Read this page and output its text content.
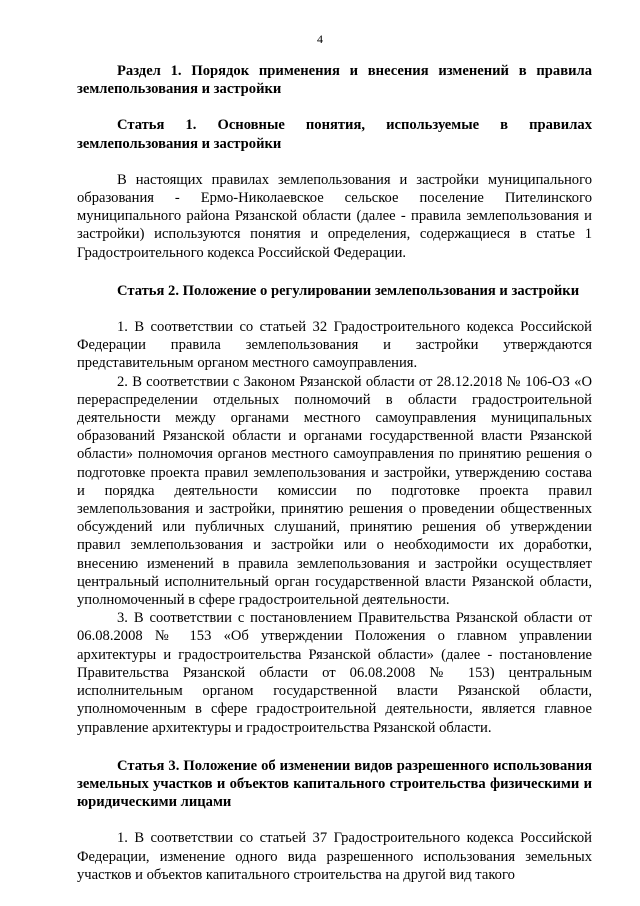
4

Раздел 1. Порядок применения и внесения изменений в правила землепользования и застройки

Статья 1. Основные понятия, используемые в правилах землепользования и застройки

В настоящих правилах землепользования и застройки муниципального образования - Ермо-Николаевское сельское поселение Пителинского муниципального района Рязанской области (далее - правила землепользования и застройки) используются понятия и определения, содержащиеся в статье 1 Градостроительного кодекса Российской Федерации.

Статья 2. Положение о регулировании землепользования и застройки

1. В соответствии со статьей 32 Градостроительного кодекса Российской Федерации правила землепользования и застройки утверждаются представительным органом местного самоуправления.

2. В соответствии с Законом Рязанской области от 28.12.2018 № 106-ОЗ «О перераспределении отдельных полномочий в области градостроительной деятельности между органами местного самоуправления муниципальных образований Рязанской области и органами государственной власти Рязанской области» полномочия органов местного самоуправления по принятию решения о подготовке проекта правил землепользования и застройки, утверждению состава и порядка деятельности комиссии по подготовке проекта правил землепользования и застройки, принятию решения о проведении общественных обсуждений или публичных слушаний, принятию решения об утверждении правил землепользования и застройки или о необходимости их доработки, внесению изменений в правила землепользования и застройки осуществляет центральный исполнительный орган государственной власти Рязанской области, уполномоченный в сфере градостроительной деятельности.

3. В соответствии с постановлением Правительства Рязанской области от 06.08.2008 № 153 «Об утверждении Положения о главном управлении архитектуры и градостроительства Рязанской области» (далее - постановление Правительства Рязанской области от 06.08.2008 № 153) центральным исполнительным органом государственной власти Рязанской области, уполномоченным в сфере градостроительной деятельности, является главное управление архитектуры и градостроительства Рязанской области.

Статья 3. Положение об изменении видов разрешенного использования земельных участков и объектов капитального строительства физическими и юридическими лицами

1. В соответствии со статьей 37 Градостроительного кодекса Российской Федерации, изменение одного вида разрешенного использования земельных участков и объектов капитального строительства на другой вид такого
